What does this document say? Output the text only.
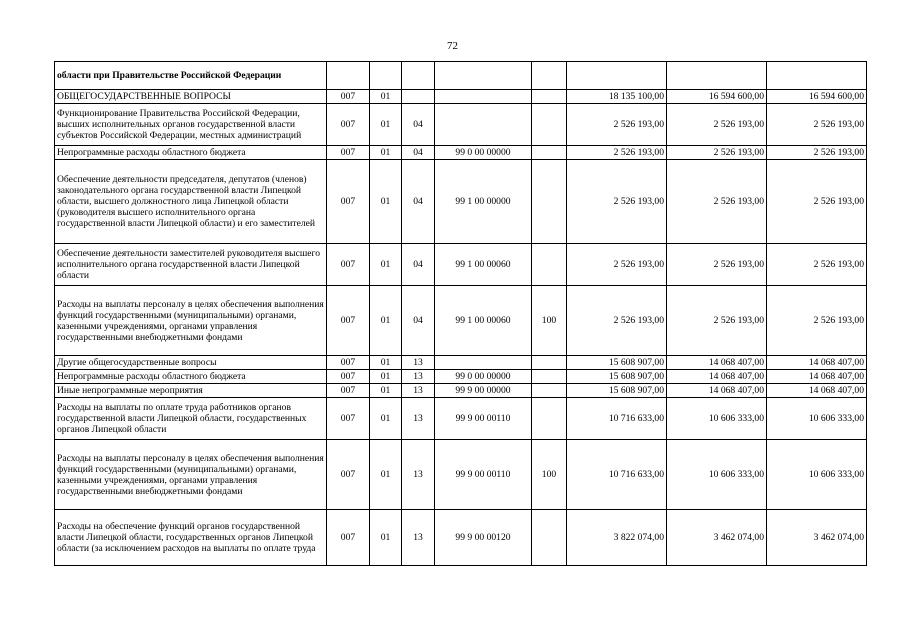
72
области при Правительстве Российской Федерации								
ОБЩЕГОСУДАРСТВЕННЫЕ ВОПРОСЫ	007	01				18 135 100,00	16 594 600,00	16 594 600,00
Функционирование Правительства Российской Федерации, высших исполнительных органов государственной власти субъектов Российской Федерации, местных администраций	007	01	04			2 526 193,00	2 526 193,00	2 526 193,00
Непрограммные расходы областного бюджета	007	01	04	99 0 00 00000		2 526 193,00	2 526 193,00	2 526 193,00
Обеспечение деятельности председателя, депутатов (членов) законодательного органа государственной власти Липецкой области, высшего должностного лица Липецкой области (руководителя высшего исполнительного органа государственной власти Липецкой области) и его заместителей	007	01	04	99 1 00 00000		2 526 193,00	2 526 193,00	2 526 193,00
Обеспечение деятельности заместителей руководителя высшего исполнительного органа государственной власти Липецкой области	007	01	04	99 1 00 00060		2 526 193,00	2 526 193,00	2 526 193,00
Расходы на выплаты персоналу в целях обеспечения выполнения функций государственными (муниципальными) органами, казенными учреждениями, органами управления государственными внебюджетными фондами	007	01	04	99 1 00 00060	100	2 526 193,00	2 526 193,00	2 526 193,00
Другие общегосударственные вопросы	007	01	13			15 608 907,00	14 068 407,00	14 068 407,00
Непрограммные расходы областного бюджета	007	01	13	99 0 00 00000		15 608 907,00	14 068 407,00	14 068 407,00
Иные непрограммные мероприятия	007	01	13	99 9 00 00000		15 608 907,00	14 068 407,00	14 068 407,00
Расходы на выплаты по оплате труда работников органов государственной власти Липецкой области, государственных органов Липецкой области	007	01	13	99 9 00 00110		10 716 633,00	10 606 333,00	10 606 333,00
Расходы на выплаты персоналу в целях обеспечения выполнения функций государственными (муниципальными) органами, казенными учреждениями, органами управления государственными внебюджетными фондами	007	01	13	99 9 00 00110	100	10 716 633,00	10 606 333,00	10 606 333,00
Расходы на обеспечение функций органов государственной власти Липецкой области, государственных органов Липецкой области (за исключением расходов на выплаты по оплате труда	007	01	13	99 9 00 00120		3 822 074,00	3 462 074,00	3 462 074,00
